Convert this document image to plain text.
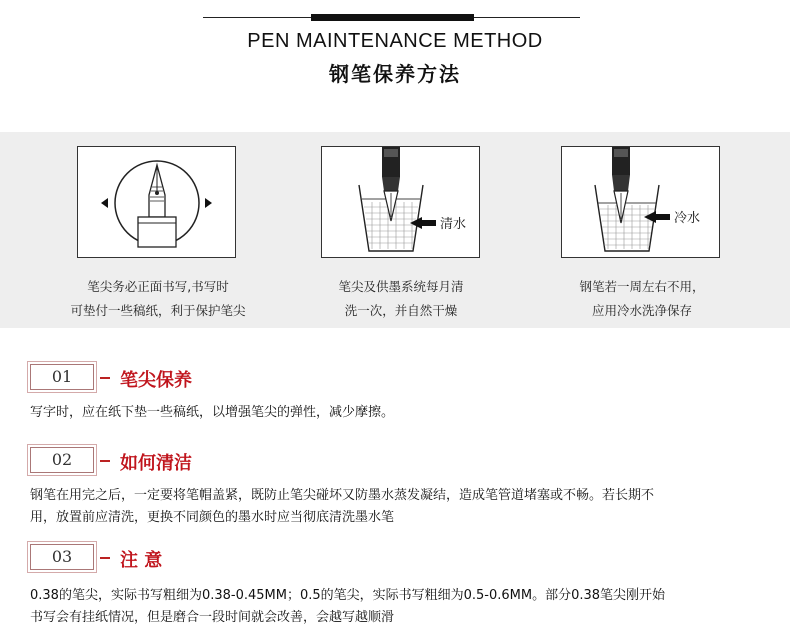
PEN MAINTENANCE METHOD
钢笔保养方法
清水	冷水
笔尖务必正面书写,书写时
可垫付一些稿纸，利于保护笔尖
笔尖及供墨系统每月清
洗一次，并自然干燥
钢笔若一周左右不用，
应用冷水洗净保存
01	笔尖保养
写字时，应在纸下垫一些稿纸，以增强笔尖的弹性，减少摩擦。
02	如何清洁
钢笔在用完之后，一定要将笔帽盖紧，既防止笔尖碰坏又防墨水蒸发凝结，造成笔管道堵塞或不畅。若长期不
用，放置前应清洗，更换不同颜色的墨水时应当彻底清洗墨水笔
03	注 意
0.38的笔尖，实际书写粗细为0.38-0.45MM；0.5的笔尖，实际书写粗细为0.5-0.6MM。部分0.38笔尖刚开始
书写会有挂纸情况，但是磨合一段时间就会改善，会越写越顺滑
